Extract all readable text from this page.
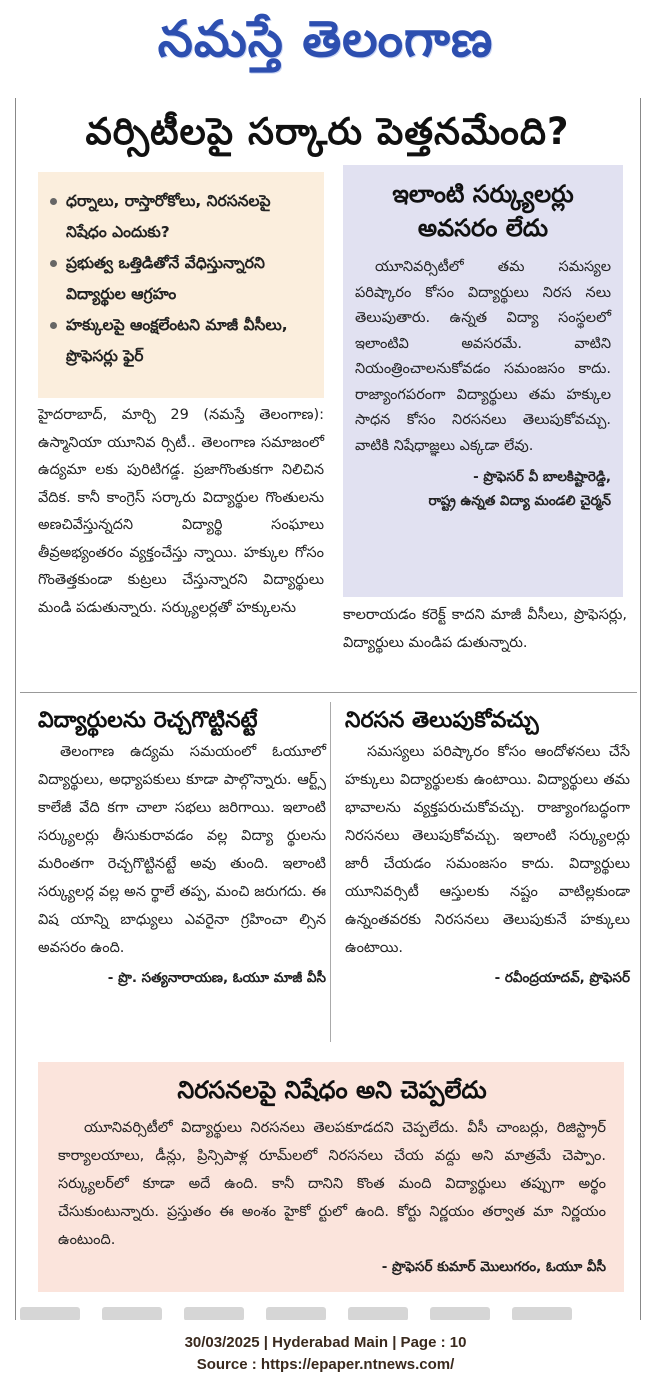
నమస్తే తెలంగాణ
వర్సిటీలపై సర్కారు పెత్తనమేంది?
ధర్నాలు, రాస్తారోకోలు, నిరసనలపై నిషేధం ఎందుకు?
ప్రభుత్వ ఒత్తిడితోనే వేధిస్తున్నారని విద్యార్థుల ఆగ్రహం
హక్కులపై ఆంక్షలేంటని మాజీ వీసీలు, ప్రొఫెసర్లు ఫైర్
ఇలాంటి సర్క్యులర్లు అవసరం లేదు
యూనివర్సిటీలో తమ సమస్యల పరిష్కారం కోసం విద్యార్థులు నిరస నలు తెలుపుతారు. ఉన్నత విద్యా సంస్థలలో ఇలాంటివి అవసరమే. వాటిని నియంత్రించాలనుకోవడం సమంజసం కాదు. రాజ్యాంగపరంగా విద్యార్థులు తమ హక్కుల సాధన కోసం నిరసనలు తెలుపుకోవచ్చు. వాటికి నిషేధాజ్ఞలు ఎక్కడా లేవు.
- ప్రొఫెసర్ వీ బాలకిష్టారెడ్డి,
రాష్ట్ర ఉన్నత విద్యా మండలి చైర్మన్
హైదరాబాద్, మార్చి 29 (నమస్తే తెలంగాణ): ఉస్మానియా యూనివ ర్సిటీ.. తెలంగాణ సమాజంలో ఉద్యమా లకు పురిటిగడ్డ. ప్రజాగొంతుకగా నిలిచిన వేదిక. కానీ కాంగ్రెస్ సర్కారు విద్యార్థుల గొంతులను అణచివేస్తున్నదని విద్యార్థి సంఘాలు తీవ్రఅభ్యంతరం వ్యక్తంచేస్తు న్నాయి. హక్కుల గోసం గొంతెత్తకుండా కుట్రలు చేస్తున్నారని విద్యార్థులు మండి పడుతున్నారు. సర్క్యులర్లతో హక్కులను	కాలరాయడం కరెక్ట్ కాదని మాజీ వీసీలు, ప్రొఫెసర్లు, విద్యార్థులు మండిప డుతున్నారు.
విద్యార్థులను రెచ్చగొట్టినట్టే
తెలంగాణ ఉద్యమ సమయంలో ఓయూలో విద్యార్థులు, అధ్యాపకులు కూడా పాల్గొన్నారు. ఆర్ట్స్ కాలేజీ వేది కగా చాలా సభలు జరిగాయి. ఇలాంటి సర్క్యులర్లు తీసుకురావడం వల్ల విద్యా ర్థులను మరింతగా రెచ్చగొట్టినట్టే అవు తుంది. ఇలాంటి సర్క్యులర్ల వల్ల అన ర్థాలే తప్ప, మంచి జరుగదు. ఈ విష యాన్ని బాధ్యులు ఎవరైనా గ్రహించా ల్సిన అవసరం ఉంది.
- ప్రొ. సత్యనారాయణ, ఓయూ మాజీ వీసీ
నిరసన తెలుపుకోవచ్చు
సమస్యలు పరిష్కారం కోసం ఆందోళనలు చేసే హక్కులు విద్యార్థులకు ఉంటాయి. విద్యార్థులు తమ భావాలను వ్యక్తపరుచుకోవచ్చు. రాజ్యాంగబద్ధంగా నిరసనలు తెలుపుకోవచ్చు. ఇలాంటి సర్క్యులర్లు జారీ చేయడం సమంజసం కాదు. విద్యార్థులు యూనివర్సిటీ ఆస్తులకు నష్టం వాటిల్లకుండా ఉన్నంతవరకు నిరసనలు తెలుపుకునే హక్కులు ఉంటాయి.
- రవీంద్రయాదవ్, ప్రొఫెసర్
నిరసనలపై నిషేధం అని చెప్పలేదు
యూనివర్సిటీలో విద్యార్థులు నిరసనలు తెలపకూడదని చెప్పలేదు. వీసీ చాంబర్లు, రిజిస్ట్రార్ కార్యాలయాలు, డీన్లు, ప్రిన్సిపాళ్ల రూమ్‌లలో నిరసనలు చేయ వద్దు అని మాత్రమే చెప్పాం. సర్క్యులర్‌లో కూడా అదే ఉంది. కానీ దానిని కొంత మంది విద్యార్థులు తప్పుగా అర్థం చేసుకుంటున్నారు. ప్రస్తుతం ఈ అంశం హైకో ర్టులో ఉంది. కోర్టు నిర్ణయం తర్వాత మా నిర్ణయం ఉంటుంది.
- ప్రొఫెసర్ కుమార్ మొలుగరం, ఓయూ వీసీ
30/03/2025 | Hyderabad Main | Page : 10
Source : https://epaper.ntnews.com/
